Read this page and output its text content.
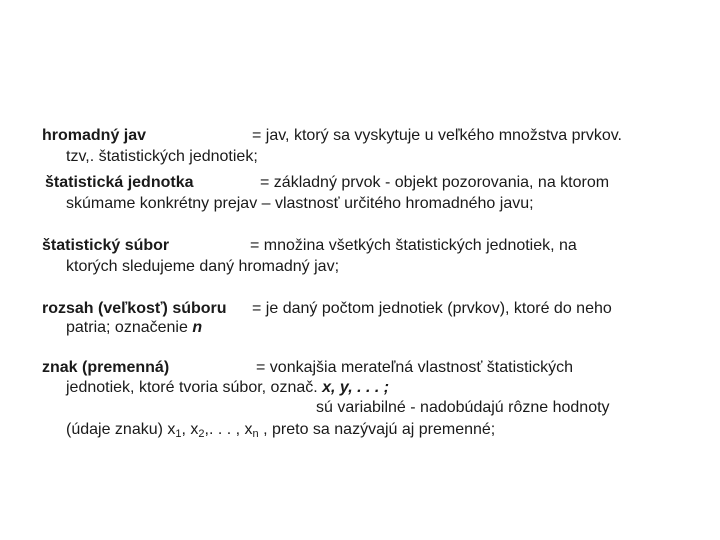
hromadný jav	= jav, ktorý sa vyskytuje u veľkého množstva prvkov.
tzv,. štatistických jednotiek;
štatistická jednotka	= základný prvok - objekt pozorovania, na ktorom
skúmame konkrétny prejav – vlastnosť určitého hromadného javu;
štatistický súbor	= množina všetkých štatistických jednotiek, na
ktorých sledujeme daný hromadný jav;
rozsah (veľkosť) súboru = je daný počtom jednotiek (prvkov), ktoré do neho
patria; označenie n
znak (premenná)	= vonkajšia merateľná vlastnosť štatistických
jednotiek, ktoré tvoria súbor, označ. x, y, . . . ;
sú variabilné - nadobúdajú rôzne hodnoty
(údaje znaku) $x_1$, $x_2$,. . . , $x_n$ , preto sa nazývajú aj premenné;
